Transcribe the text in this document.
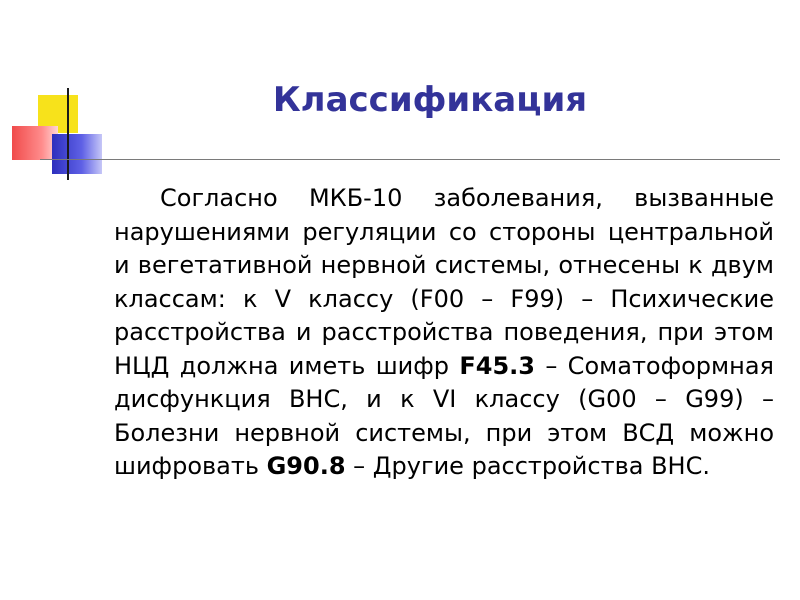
Классификация

Согласно МКБ-10 заболевания, вызванные нарушениями регуляции со стороны центральной и вегетативной нервной системы, отнесены к двум классам: к V классу (F00 – F99) – Психические расстройства и расстройства поведения, при этом НЦД должна иметь шифр F45.3 – Соматоформная дисфункция ВНС, и к VI классу (G00 – G99) – Болезни нервной системы, при этом ВСД можно шифровать G90.8 – Другие расстройства ВНС.
